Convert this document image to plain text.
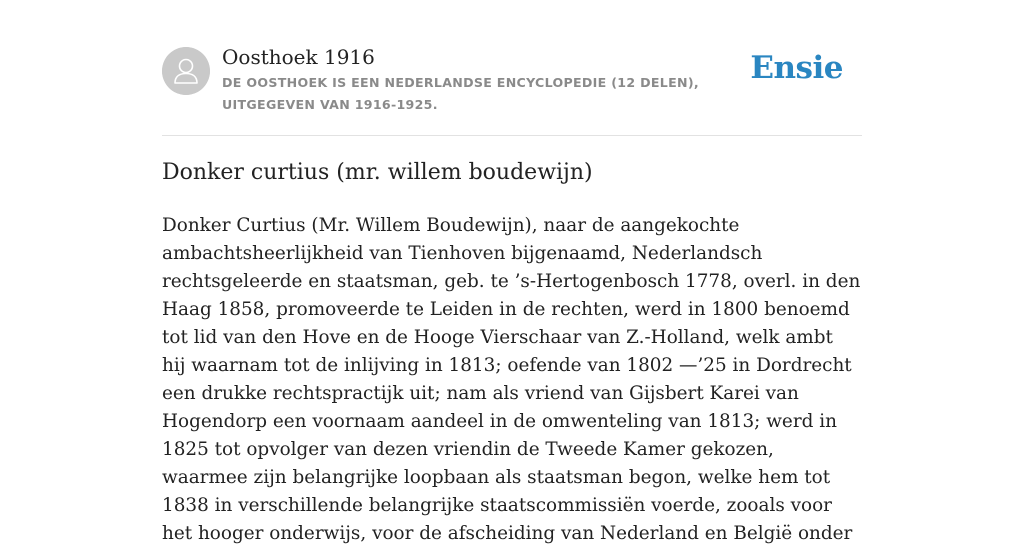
Oosthoek 1916
DE OOSTHOEK IS EEN NEDERLANDSE ENCYCLOPEDIE (12 DELEN), UITGEGEVEN VAN 1916-1925.
Ensie
Donker curtius (mr. willem boudewijn)

Donker Curtius (Mr. Willem Boudewijn), naar de aangekochte ambachtsheerlijkheid van Tienhoven bijgenaamd, Nederlandsch rechtsgeleerde en staatsman, geb. te ’s-Hertogenbosch 1778, overl. in den Haag 1858, promoveerde te Leiden in de rechten, werd in 1800 benoemd tot lid van den Hove en de Hooge Vierschaar van Z.-Holland, welk ambt hij waarnam tot de inlijving in 1813; oefende van 1802 —’25 in Dordrecht een drukke rechtspractijk uit; nam als vriend van Gijsbert Karei van Hogendorp een voornaam aandeel in de omwenteling van 1813; werd in 1825 tot opvolger van dezen vriendin de Tweede Kamer gekozen, waarmee zijn belangrijke loopbaan als staatsman begon, welke hem tot 1838 in verschillende belangrijke staatscommissiën voerde, zooals voor het hooger onderwijs, voor de afscheiding van Nederland en België onder
